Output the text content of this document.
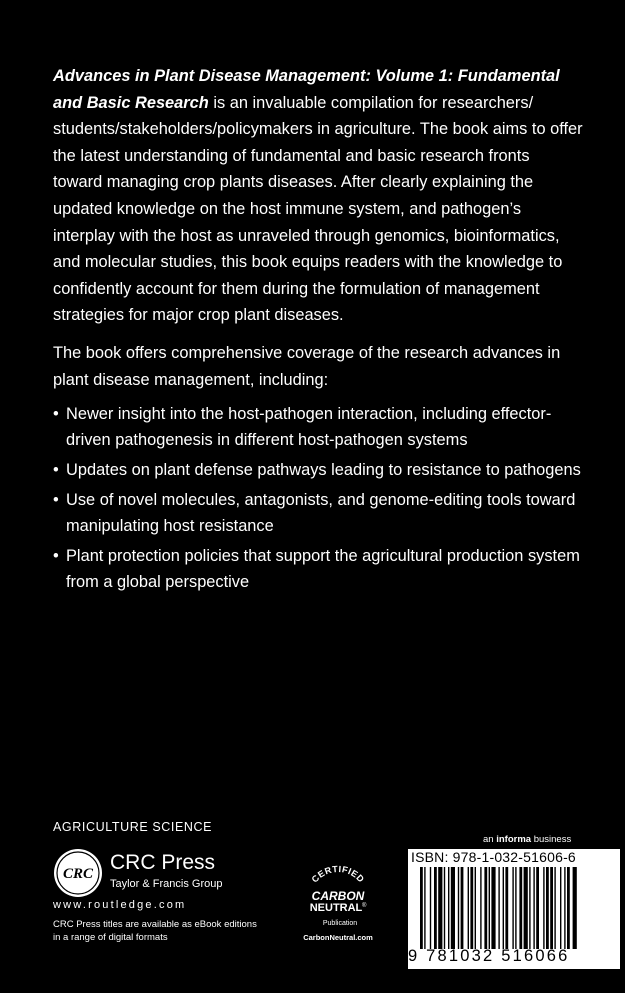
Advances in Plant Disease Management: Volume 1: Fundamental and Basic Research is an invaluable compilation for researchers/ students/stakeholders/policymakers in agriculture. The book aims to offer the latest understanding of fundamental and basic research fronts toward managing crop plants diseases. After clearly explaining the updated knowledge on the host immune system, and pathogen’s interplay with the host as unraveled through genomics, bioinformatics, and molecular studies, this book equips readers with the knowledge to confidently account for them during the formulation of management strategies for major crop plant diseases.

The book offers comprehensive coverage of the research advances in plant disease management, including:

• Newer insight into the host-pathogen interaction, including effector-driven pathogenesis in different host-pathogen systems
• Updates on plant defense pathways leading to resistance to pathogens
• Use of novel molecules, antagonists, and genome-editing tools toward manipulating host resistance
• Plant protection policies that support the agricultural production system from a global perspective
AGRICULTURE SCIENCE
CRC CRC Press
Taylor & Francis Group
www.routledge.com
CRC Press titles are available as eBook editions in a range of digital formats
CERTIFIED
CARBON
NEUTRAL ®
Publication
CarbonNeutral.com
an informa business
ISBN: 978-1-032-51606-6
9 781032 516066
